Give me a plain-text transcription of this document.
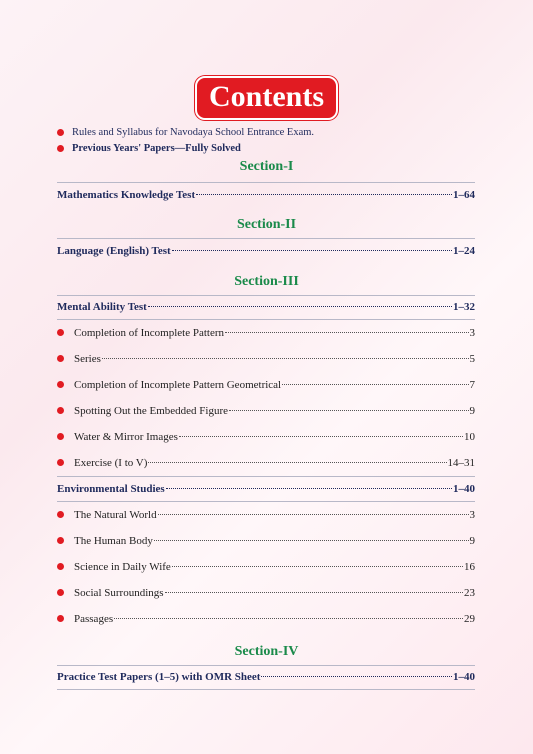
Contents
Rules and Syllabus for Navodaya School Entrance Exam.
Previous Years' Papers—Fully Solved
Section-I
Mathematics Knowledge Test	1–64
Section-II
Language (English) Test	1–24
Section-III
Mental Ability Test	1–32
Completion of Incomplete Pattern	3
Series	5
Completion of Incomplete Pattern Geometrical	7
Spotting Out the Embedded Figure	9
Water & Mirror Images	10
Exercise (I to V)	14–31
Environmental Studies	1–40
The Natural World	3
The Human Body	9
Science in Daily Wife	16
Social Surroundings	23
Passages	29
Section-IV
Practice Test Papers (1–5) with OMR Sheet	1–40
